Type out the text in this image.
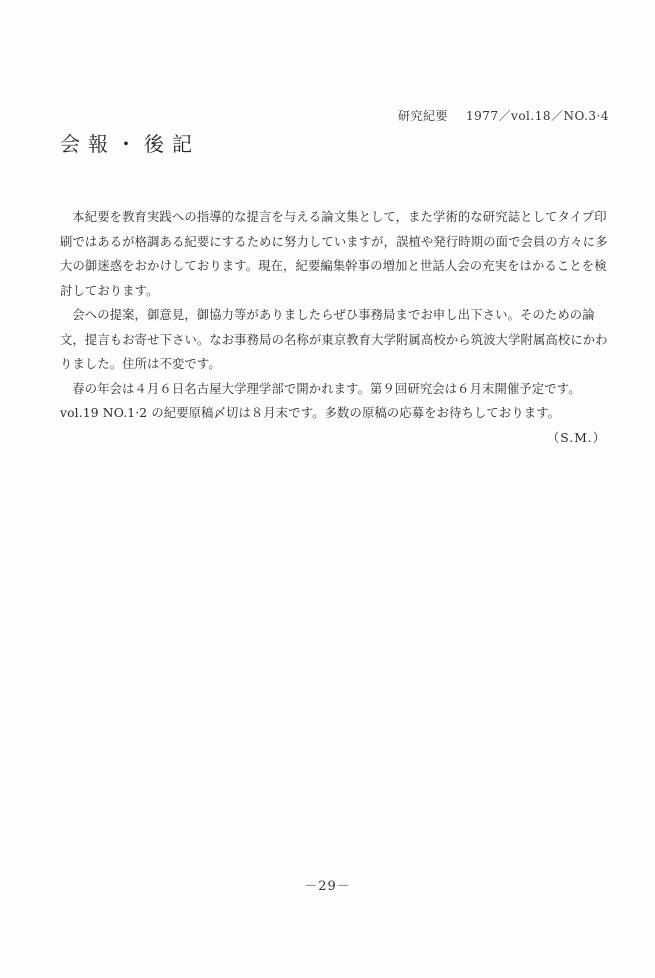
研究紀要 1977／vol.18／NO.3·4
会報・後記

本紀要を教育実践への指導的な提言を与える論文集として，また学術的な研究誌としてタイプ印刷ではあるが格調ある紀要にするために努力していますが，誤植や発行時期の面で会員の方々に多大の御迷惑をおかけしております。現在，紀要編集幹事の増加と世話人会の充実をはかることを検討しております。

会への提案，御意見，御協力等がありましたらぜひ事務局までお申し出下さい。そのための論文，提言もお寄せ下さい。なお事務局の名称が東京教育大学附属高校から筑波大学附属高校にかわりました。住所は不変です。

春の年会は４月６日名古屋大学理学部で開かれます。第９回研究会は６月末開催予定です。

vol.19 NO.1·2 の紀要原稿〆切は８月末です。多数の原稿の応募をお待ちしております。

（S.M.）

－29－
